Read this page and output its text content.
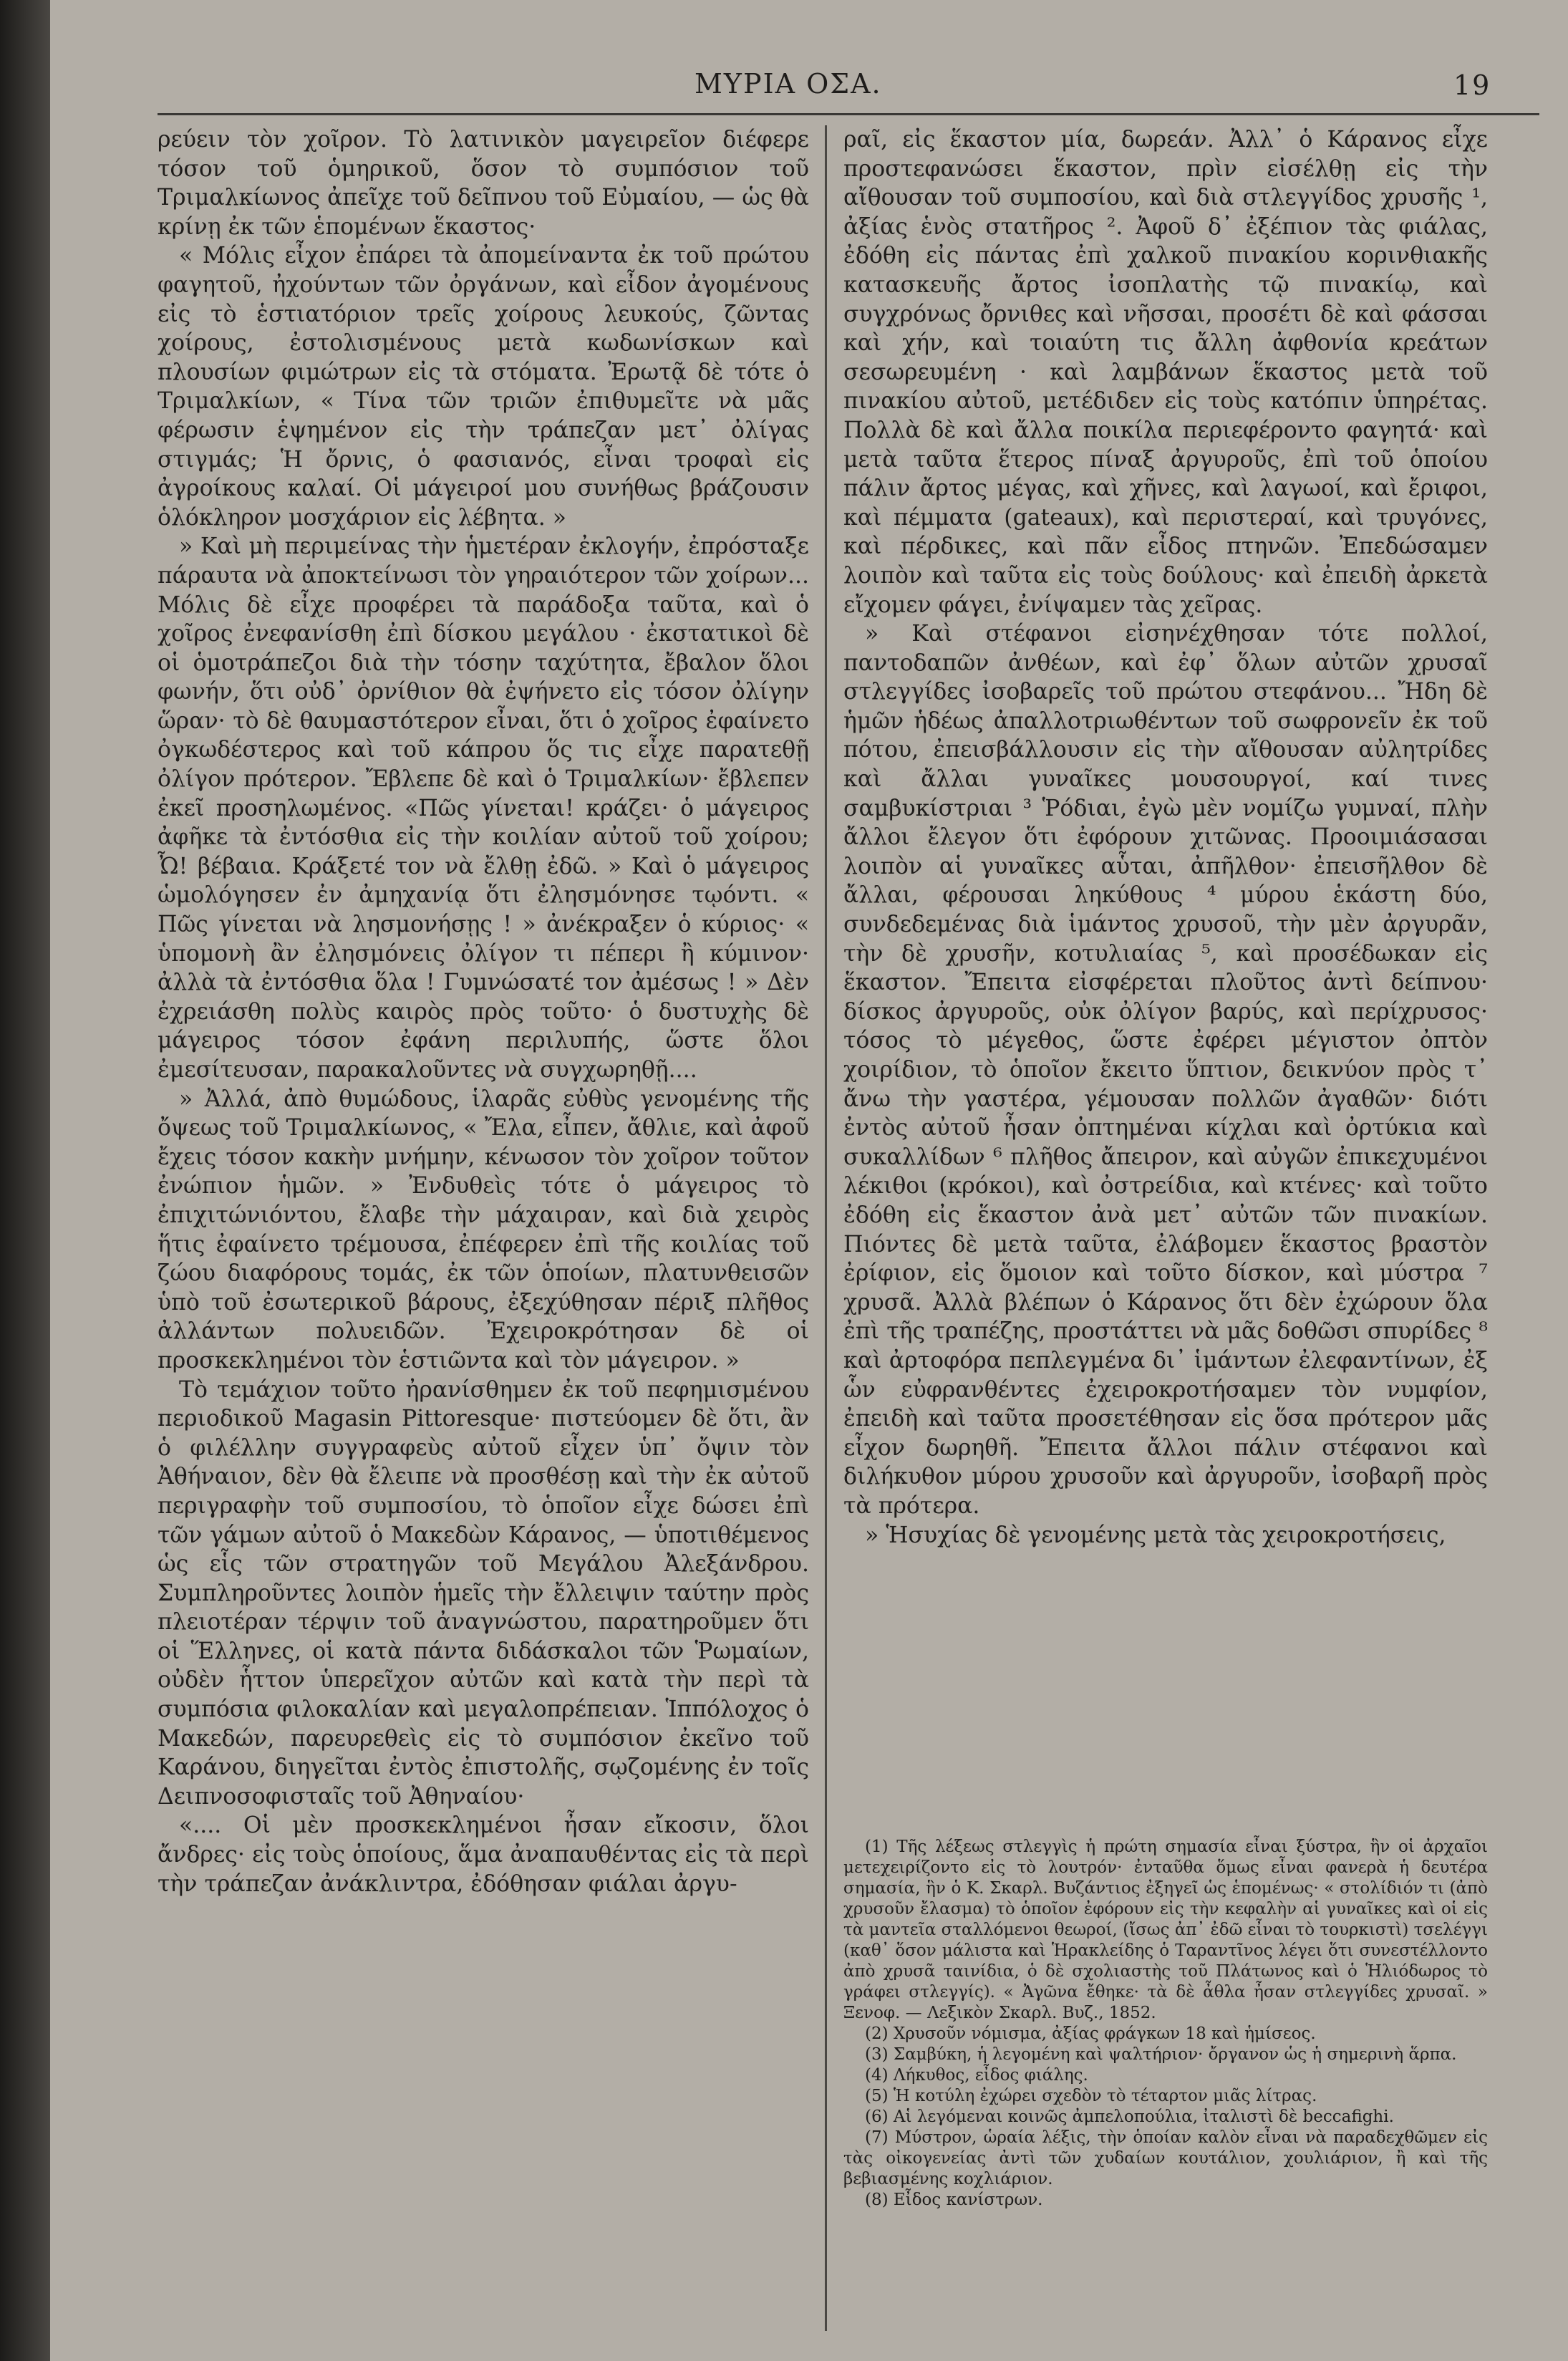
ΜΥΡΙΑ ΟΣΑ.	19

ρεύειν τὸν χοῖρον. Τὸ λατινικὸν μαγειρεῖον διέφερε τόσον τοῦ ὁμηρικοῦ, ὅσον τὸ συμπόσιον τοῦ Τριμαλκίωνος ἀπεῖχε τοῦ δεῖπνου τοῦ Εὐμαίου, — ὡς θὰ κρίνῃ ἐκ τῶν ἑπομένων ἕκαστος·

« Μόλις εἶχον ἐπάρει τὰ ἀπομείναντα ἐκ τοῦ πρώτου φαγητοῦ, ἠχούντων τῶν ὀργάνων, καὶ εἶδον ἀγομένους εἰς τὸ ἑστιατόριον τρεῖς χοίρους λευκούς, ζῶντας χοίρους, ἐστολισμένους μετὰ κωδωνίσκων καὶ πλουσίων φιμώτρων εἰς τὰ στόματα. Ἐρωτᾷ δὲ τότε ὁ Τριμαλκίων, « Τίνα τῶν τριῶν ἐπιθυμεῖτε νὰ μᾶς φέρωσιν ἑψημένον εἰς τὴν τράπεζαν μετ᾿ ὀλίγας στιγμάς; Ἡ ὄρνις, ὁ φασιανός, εἶναι τροφαὶ εἰς ἀγροίκους καλαί. Οἱ μάγειροί μου συνήθως βράζουσιν ὁλόκληρον μοσχάριον εἰς λέβητα. »

» Καὶ μὴ περιμείνας τὴν ἡμετέραν ἐκλογήν, ἐπρόσταξε πάραυτα νὰ ἀποκτείνωσι τὸν γηραιότερον τῶν χοίρων... Μόλις δὲ εἶχε προφέρει τὰ παράδοξα ταῦτα, καὶ ὁ χοῖρος ἐνεφανίσθη ἐπὶ δίσκου μεγάλου · ἐκστατικοὶ δὲ οἱ ὁμοτράπεζοι διὰ τὴν τόσην ταχύτητα, ἔβαλον ὅλοι φωνήν, ὅτι οὐδ᾿ ὀρνίθιον θὰ ἐψήνετο εἰς τόσον ὀλίγην ὥραν· τὸ δὲ θαυμαστότερον εἶναι, ὅτι ὁ χοῖρος ἐφαίνετο ὀγκωδέστερος καὶ τοῦ κάπρου ὅς τις εἶχε παρατεθῇ ὀλίγον πρότερον. Ἔβλεπε δὲ καὶ ὁ Τριμαλκίων· ἔβλεπεν ἐκεῖ προσηλωμένος. «Πῶς γίνεται! κράζει· ὁ μάγειρος ἀφῆκε τὰ ἐντόσθια εἰς τὴν κοιλίαν αὐτοῦ τοῦ χοίρου; Ὦ! βέβαια. Κράξετέ τον νὰ ἔλθῃ ἐδῶ. » Καὶ ὁ μάγειρος ὡμολόγησεν ἐν ἀμηχανίᾳ ὅτι ἐλησμόνησε τῳόντι. « Πῶς γίνεται νὰ λησμονήσῃς ! » ἀνέκραξεν ὁ κύριος· « ὑπομονὴ ἂν ἐλησμόνεις ὀλίγον τι πέπερι ἢ κύμινον· ἀλλὰ τὰ ἐντόσθια ὅλα ! Γυμνώσατέ τον ἀμέσως ! » Δὲν ἐχρειάσθη πολὺς καιρὸς πρὸς τοῦτο· ὁ δυστυχὴς δὲ μάγειρος τόσον ἐφάνη περιλυπής, ὥστε ὅλοι ἐμεσίτευσαν, παρακαλοῦντες νὰ συγχωρηθῇ....

» Ἀλλά, ἀπὸ θυμώδους, ἱλαρᾶς εὐθὺς γενομένης τῆς ὄψεως τοῦ Τριμαλκίωνος, « Ἔλα, εἶπεν, ἄθλιε, καὶ ἀφοῦ ἔχεις τόσον κακὴν μνήμην, κένωσον τὸν χοῖρον τοῦτον ἐνώπιον ἡμῶν. » Ἐνδυθεὶς τότε ὁ μάγειρος τὸ ἐπιχιτώνιόντου, ἔλαβε τὴν μάχαιραν, καὶ διὰ χειρὸς ἥτις ἐφαίνετο τρέμουσα, ἐπέφερεν ἐπὶ τῆς κοιλίας τοῦ ζώου διαφόρους τομάς, ἐκ τῶν ὁποίων, πλατυνθεισῶν ὑπὸ τοῦ ἐσωτερικοῦ βάρους, ἐξεχύθησαν πέριξ πλῆθος ἀλλάντων πολυειδῶν. Ἐχειροκρότησαν δὲ οἱ προσκεκλημένοι τὸν ἑστιῶντα καὶ τὸν μάγειρον. »

Τὸ τεμάχιον τοῦτο ἠρανίσθημεν ἐκ τοῦ πεφημισμένου περιοδικοῦ Magasin Pittoresque· πιστεύομεν δὲ ὅτι, ἂν ὁ φιλέλλην συγγραφεὺς αὐτοῦ εἶχεν ὑπ᾿ ὄψιν τὸν Ἀθήναιον, δὲν θὰ ἔλειπε νὰ προσθέσῃ καὶ τὴν ἐκ αὐτοῦ περιγραφὴν τοῦ συμποσίου, τὸ ὁποῖον εἶχε δώσει ἐπὶ τῶν γάμων αὐτοῦ ὁ Μακεδὼν Κάρανος, — ὑποτιθέμενος ὡς εἷς τῶν στρατηγῶν τοῦ Μεγάλου Ἀλεξάνδρου. Συμπληροῦντες λοιπὸν ἡμεῖς τὴν ἔλλειψιν ταύτην πρὸς πλειοτέραν τέρψιν τοῦ ἀναγνώστου, παρατηροῦμεν ὅτι οἱ Ἕλληνες, οἱ κατὰ πάντα διδάσκαλοι τῶν Ῥωμαίων, οὐδὲν ἧττον ὑπερεῖχον αὐτῶν καὶ κατὰ τὴν περὶ τὰ συμπόσια φιλοκαλίαν καὶ μεγαλοπρέπειαν. Ἱππόλοχος ὁ Μακεδών, παρευρεθεὶς εἰς τὸ συμπόσιον ἐκεῖνο τοῦ Καράνου, διηγεῖται ἐντὸς ἐπιστολῆς, σῳζομένης ἐν τοῖς Δειπνοσοφισταῖς τοῦ Ἀθηναίου·

«.... Οἱ μὲν προσκεκλημένοι ἦσαν εἴκοσιν, ὅλοι ἄνδρες· εἰς τοὺς ὁποίους, ἅμα ἀναπαυθέντας εἰς τὰ περὶ τὴν τράπεζαν ἀνάκλιντρα, ἐδόθησαν φιάλαι ἀργυ-

ραῖ, εἰς ἕκαστον μία, δωρεάν. Ἀλλ᾿ ὁ Κάρανος εἶχε προστεφανώσει ἕκαστον, πρὶν εἰσέλθῃ εἰς τὴν αἴθουσαν τοῦ συμποσίου, καὶ διὰ στλεγγίδος χρυσῆς ¹, ἀξίας ἑνὸς στατῆρος ². Ἀφοῦ δ᾿ ἐξέπιον τὰς φιάλας, ἐδόθη εἰς πάντας ἐπὶ χαλκοῦ πινακίου κορινθιακῆς κατασκευῆς ἄρτος ἰσοπλατὴς τῷ πινακίῳ, καὶ συγχρόνως ὄρνιθες καὶ νῆσσαι, προσέτι δὲ καὶ φάσσαι καὶ χήν, καὶ τοιαύτη τις ἄλλη ἀφθονία κρεάτων σεσωρευμένη · καὶ λαμβάνων ἕκαστος μετὰ τοῦ πινακίου αὐτοῦ, μετέδιδεν εἰς τοὺς κατόπιν ὑπηρέτας. Πολλὰ δὲ καὶ ἄλλα ποικίλα περιεφέροντο φαγητά· καὶ μετὰ ταῦτα ἕτερος πίναξ ἀργυροῦς, ἐπὶ τοῦ ὁποίου πάλιν ἄρτος μέγας, καὶ χῆνες, καὶ λαγωοί, καὶ ἔριφοι, καὶ πέμματα (gateaux), καὶ περιστεραί, καὶ τρυγόνες, καὶ πέρδικες, καὶ πᾶν εἶδος πτηνῶν. Ἐπεδώσαμεν λοιπὸν καὶ ταῦτα εἰς τοὺς δούλους· καὶ ἐπειδὴ ἀρκετὰ εἴχομεν φάγει, ἐνίψαμεν τὰς χεῖρας.

» Καὶ στέφανοι εἰσηνέχθησαν τότε πολλοί, παντοδαπῶν ἀνθέων, καὶ ἐφ᾿ ὅλων αὐτῶν χρυσαῖ στλεγγίδες ἰσοβαρεῖς τοῦ πρώτου στεφάνου... Ἤδη δὲ ἡμῶν ἡδέως ἀπαλλοτριωθέντων τοῦ σωφρονεῖν ἐκ τοῦ πότου, ἐπεισβάλλουσιν εἰς τὴν αἴθουσαν αὐλητρίδες καὶ ἄλλαι γυναῖκες μουσουργοί, καί τινες σαμβυκίστριαι ³ Ῥόδιαι, ἐγὼ μὲν νομίζω γυμναί, πλὴν ἄλλοι ἔλεγον ὅτι ἐφόρουν χιτῶνας. Προοιμιάσασαι λοιπὸν αἱ γυναῖκες αὗται, ἀπῆλθον· ἐπεισῆλθον δὲ ἄλλαι, φέρουσαι ληκύθους ⁴ μύρου ἑκάστη δύο, συνδεδεμένας διὰ ἱμάντος χρυσοῦ, τὴν μὲν ἀργυρᾶν, τὴν δὲ χρυσῆν, κοτυλιαίας ⁵, καὶ προσέδωκαν εἰς ἕκαστον. Ἔπειτα εἰσφέρεται πλοῦτος ἀντὶ δείπνου· δίσκος ἀργυροῦς, οὐκ ὀλίγον βαρύς, καὶ περίχρυσος· τόσος τὸ μέγεθος, ὥστε ἐφέρει μέγιστον ὀπτὸν χοιρίδιον, τὸ ὁποῖον ἔκειτο ὕπτιον, δεικνύον πρὸς τ᾿ ἄνω τὴν γαστέρα, γέμουσαν πολλῶν ἀγαθῶν· διότι ἐντὸς αὐτοῦ ἦσαν ὀπτημέναι κίχλαι καὶ ὀρτύκια καὶ συκαλλίδων ⁶ πλῆθος ἄπειρον, καὶ αὐγῶν ἐπικεχυμένοι λέκιθοι (κρόκοι), καὶ ὀστρείδια, καὶ κτένες· καὶ τοῦτο ἐδόθη εἰς ἕκαστον ἀνὰ μετ᾿ αὐτῶν τῶν πινακίων. Πιόντες δὲ μετὰ ταῦτα, ἐλάβομεν ἕκαστος βραστὸν ἐρίφιον, εἰς ὅμοιον καὶ τοῦτο δίσκον, καὶ μύστρα ⁷ χρυσᾶ. Ἀλλὰ βλέπων ὁ Κάρανος ὅτι δὲν ἐχώρουν ὅλα ἐπὶ τῆς τραπέζης, προστάττει νὰ μᾶς δοθῶσι σπυρίδες ⁸ καὶ ἀρτοφόρα πεπλεγμένα δι᾿ ἱμάντων ἐλεφαντίνων, ἐξ ὧν εὐφρανθέντες ἐχειροκροτήσαμεν τὸν νυμφίον, ἐπειδὴ καὶ ταῦτα προσετέθησαν εἰς ὅσα πρότερον μᾶς εἶχον δωρηθῆ. Ἔπειτα ἄλλοι πάλιν στέφανοι καὶ διλήκυθον μύρου χρυσοῦν καὶ ἀργυροῦν, ἰσοβαρῆ πρὸς τὰ πρότερα.

» Ἡσυχίας δὲ γενομένης μετὰ τὰς χειροκροτήσεις,

(1) Τῆς λέξεως στλεγγὶς ἡ πρώτη σημασία εἶναι ξύστρα, ἣν οἱ ἀρχαῖοι μετεχειρίζοντο εἰς τὸ λουτρόν· ἐνταῦθα ὅμως εἶναι φανερὰ ἡ δευτέρα σημασία, ἣν ὁ Κ. Σκαρλ. Βυζάντιος ἐξηγεῖ ὡς ἑπομένως· « στολίδιόν τι (ἀπὸ χρυσοῦν ἔλασμα) τὸ ὁποῖον ἐφόρουν εἰς τὴν κεφαλὴν αἱ γυναῖκες καὶ οἱ εἰς τὰ μαντεῖα σταλλόμενοι θεωροί, (ἴσως ἀπ᾿ ἐδῶ εἶναι τὸ τουρκιστὶ) τσελέγγι (καθ᾿ ὅσον μάλιστα καὶ Ἡρακλείδης ὁ Ταραντῖνος λέγει ὅτι συνεστέλλοντο ἀπὸ χρυσᾶ ταινίδια, ὁ δὲ σχολιαστὴς τοῦ Πλάτωνος καὶ ὁ Ἡλιόδωρος τὸ γράφει στλεγγίς). « Ἀγῶνα ἔθηκε· τὰ δὲ ἆθλα ἦσαν στλεγγίδες χρυσαῖ. » Ξενοφ. — Λεξικὸν Σκαρλ. Βυζ., 1852.

(2) Χρυσοῦν νόμισμα, ἀξίας φράγκων 18 καὶ ἡμίσεος.

(3) Σαμβύκη, ἡ λεγομένη καὶ ψαλτήριον· ὄργανον ὡς ἡ σημερινὴ ἅρπα.

(4) Λήκυθος, εἶδος φιάλης.

(5) Ἡ κοτύλη ἐχώρει σχεδὸν τὸ τέταρτον μιᾶς λίτρας.

(6) Αἱ λεγόμεναι κοινῶς ἀμπελοπούλια, ἰταλιστὶ δὲ beccafighi.

(7) Μύστρον, ὡραία λέξις, τὴν ὁποίαν καλὸν εἶναι νὰ παραδεχθῶμεν εἰς τὰς οἰκογενείας ἀντὶ τῶν χυδαίων κουτάλιον, χουλιάριον, ἢ καὶ τῆς βεβιασμένης κοχλιάριον.

(8) Εἶδος κανίστρων.
